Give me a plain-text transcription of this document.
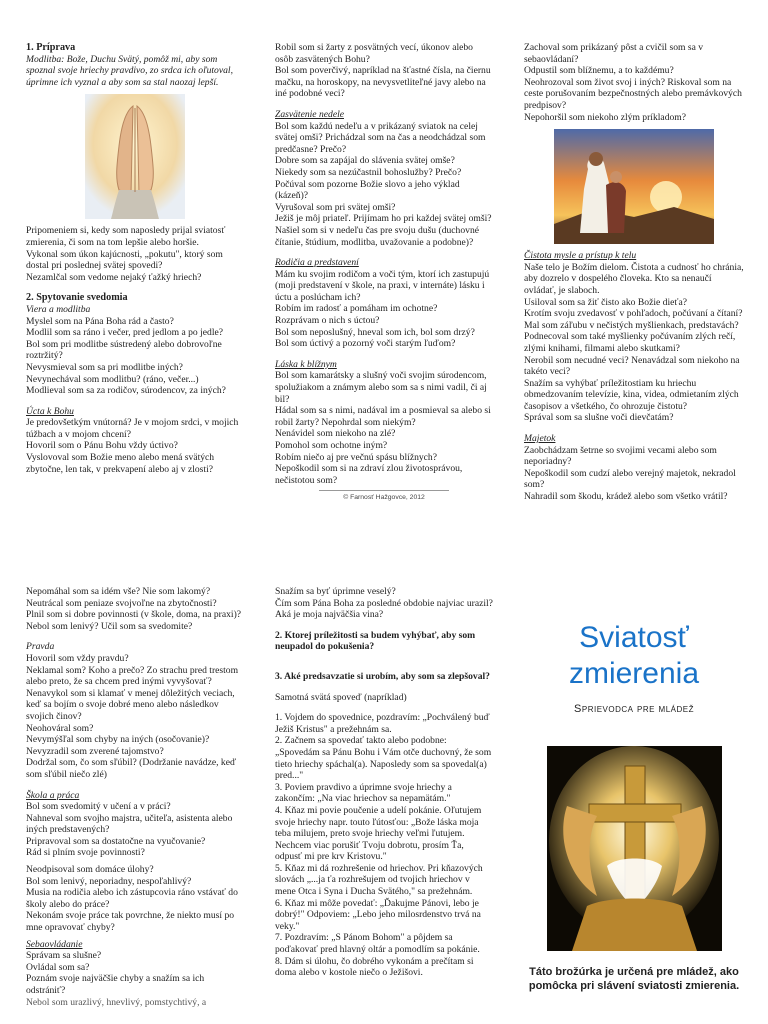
1. Príprava

Modlitba: Bože, Duchu Svätý, pomôž mi, aby som spoznal svoje hriechy pravdivo, zo srdca ich oľutoval, úprimne ich vyznal a aby som sa stal naozaj lepší.

Pripomeniem si, kedy som naposledy prijal sviatosť zmierenia, či som na tom lepšie alebo horšie.

Vykonal som úkon kajúcnosti, „pokutu", ktorý som dostal pri poslednej svätej spovedi?

Nezamlčal som vedome nejaký ťažký hriech?

2. Spytovanie svedomia

Viera a modlitba

Myslel som na Pána Boha rád a často?

Modlil som sa ráno i večer, pred jedlom a po jedle?

Bol som pri modlitbe sústredený alebo dobrovoľne roztržitý?

Nevysmieval som sa pri modlitbe iných?

Nevynechával som modlitbu? (ráno, večer...)

Modlieval som sa za rodičov, súrodencov, za iných?

Úcta k Bohu

Je predovšetkým vnútorná? Je v mojom srdci, v mojich túžbach a v mojom chcení?

Hovoril som o Pánu Bohu vždy úctivo?

Vyslovoval som Božie meno alebo mená svätých zbytočne, len tak, v prekvapení alebo aj v zlosti?

Robil som si žarty z posvätných vecí, úkonov alebo osôb zasvätených Bohu?

Bol som poverčivý, napríklad na šťastné čísla, na čiernu mačku, na horoskopy, na nevysvetliteľné javy alebo na iné podobné veci?

Zasvätenie nedele

Bol som každú nedeľu a v prikázaný sviatok na celej svätej omši? Prichádzal som na čas a neodchádzal som predčasne? Prečo?

Dobre som sa zapájal do slávenia svätej omše?

Niekedy som sa nezúčastnil bohoslužby? Prečo?

Počúval som pozorne Božie slovo a jeho výklad (kázeň)?

Vyrušoval som pri svätej omši?

Ježiš je môj priateľ. Prijímam ho pri každej svätej omši?

Našiel som si v nedeľu čas pre svoju dušu (duchovné čítanie, štúdium, modlitba, uvažovanie a podobne)?

Rodičia a predstavení

Mám ku svojim rodičom a voči tým, ktorí ich zastupujú (moji predstavení v škole, na praxi, v internáte) lásku i úctu a poslúcham ich?

Robím im radosť a pomáham im ochotne?

Rozprávam o nich s úctou?

Bol som neposlušný, hneval som ich, bol som drzý?

Bol som úctivý a pozorný voči starým ľuďom?

Láska k blížnym

Bol som kamarátsky a slušný voči svojim súrodencom, spolužiakom a známym alebo som sa s nimi vadil, či aj bil?

Hádal som sa s nimi, nadával im a posmieval sa alebo si robil žarty? Nepohrdal som niekým?

Nenávidel som niekoho na zlé?

Pomohol som ochotne iným?

Robím niečo aj pre večnú spásu blížnych?

Nepoškodil som si na zdraví zlou životosprávou, nečistotou som?

© Farnosť Hažgovce, 2012

Zachoval som prikázaný pôst a cvičil som sa v sebaovládaní?

Odpustil som blížnemu, a to každému?

Neohrozoval som život svoj i iných? Riskoval som na ceste porušovaním bezpečnostných alebo premávkových predpisov?

Nepohoršil som niekoho zlým príkladom?

Čistota mysle a prístup k telu

Naše telo je Božím dielom. Čistota a cudnosť ho chránia, aby dozrelo v dospelého človeka. Kto sa nenaučí ovládať, je slaboch.

Usiloval som sa žiť čisto ako Božie dieťa?

Krotím svoju zvedavosť v pohľadoch, počúvaní a čítaní?

Mal som záľubu v nečistých myšlienkach, predstavách?

Podnecoval som také myšlienky počúvaním zlých rečí, zlými knihami, filmami alebo skutkami?

Nerobil som necudné veci? Nenavádzal som niekoho na takéto veci?

Snažím sa vyhýbať príležitostiam ku hriechu obmedzovaním televízie, kina, videa, odmietaním zlých časopisov a všetkého, čo ohrozuje čistotu?

Správal som sa slušne voči dievčatám?

Majetok

Zaobchádzam šetrne so svojimi vecami alebo som neporiadny?

Nepoškodil som cudzí alebo verejný majetok, nekradol som?

Nahradil som škodu, krádež alebo som všetko vrátil?

Nepomáhal som sa idém vše? Nie som lakomý?

Neutrácal som peniaze svojvoľne na zbytočnosti?

Plnil som si dobre povinnosti (v škole, doma, na praxi)?

Nebol som lenivý? Učil som sa svedomite?

Pravda

Hovoril som vždy pravdu?

Neklamal som? Koho a prečo? Zo strachu pred trestom alebo preto, že sa chcem pred inými vyvyšovať?

Nenavykol som si klamať v menej dôležitých veciach, keď sa bojím o svoje dobré meno alebo následkov svojich činov?

Neohováral som?

Nevymýšľal som chyby na iných (osočovanie)?

Nevyzradil som zverené tajomstvo?

Dodržal som, čo som sľúbil? (Dodržanie navádze, keď som sľúbil niečo zlé)

Škola a práca

Bol som svedomitý v učení a v práci?

Nahneval som svojho majstra, učiteľa, asistenta alebo iných predstavených?

Pripravoval som sa dostatočne na vyučovanie?

Rád si plním svoje povinnosti?

Neodpisoval som domáce úlohy?

Bol som lenivý, neporiadny, nespoľahlivý?

Musia na rodičia alebo ich zástupcovia ráno vstávať do školy alebo do práce?

Nekonám svoje práce tak povrchne, že niekto musí po mne opravovať chyby?

Sebaovládanie

Správam sa slušne?

Ovládal som sa?

Poznám svoje najväčšie chyby a snažím sa ich odstrániť?

Nebol som urazlivý, hnevlivý, pomstychtivý, a

Snažím sa byť úprimne veselý?

Čím som Pána Boha za posledné obdobie najviac urazil?

Aká je moja najväčšia vina?

2. Ktorej príležitosti sa budem vyhýbať, aby som neupadol do pokušenia?

3. Aké predsavzatie si urobím, aby som sa zlepšoval?

Samotná svätá spoveď (napríklad)

1. Vojdem do spovednice, pozdravím: „Pochválený buď Ježiš Kristus" a prežehnám sa.

2. Začnem sa spovedať takto alebo podobne: „Spovedám sa Pánu Bohu i Vám otče duchovný, že som tieto hriechy spáchal(a). Naposledy som sa spovedal(a) pred..."

3. Poviem pravdivo a úprimne svoje hriechy a zakončím: „Na viac hriechov sa nepamätám."

4. Kňaz mi povie poučenie a udelí pokánie. Oľutujem svoje hriechy napr. touto ľútosťou: „Bože láska moja teba milujem, preto svoje hriechy veľmi ľutujem. Nechcem viac porušiť Tvoju dobrotu, prosím Ťa, odpusť mi pre krv Kristovu."

5. Kňaz mi dá rozhrešenie od hriechov. Pri kňazových slovách „...ja ťa rozhrešujem od tvojich hriechov v mene Otca i Syna i Ducha Svätého," sa prežehnám.

6. Kňaz mi môže povedať: „Ďakujme Pánovi, lebo je dobrý!" Odpoviem: „Lebo jeho milosrdenstvo trvá na veky."

7. Pozdravím: „S Pánom Bohom" a pôjdem sa poďakovať pred hlavný oltár a pomodlím sa pokánie.

8. Dám si úlohu, čo dobrého vykonám a prečítam si doma alebo v kostole niečo o Ježišovi.

Sviatosť

zmierenia

Sprievodca pre mládež

Táto brožúrka je určená pre mládež, ako pomôcka pri slávení sviatosti zmierenia.
